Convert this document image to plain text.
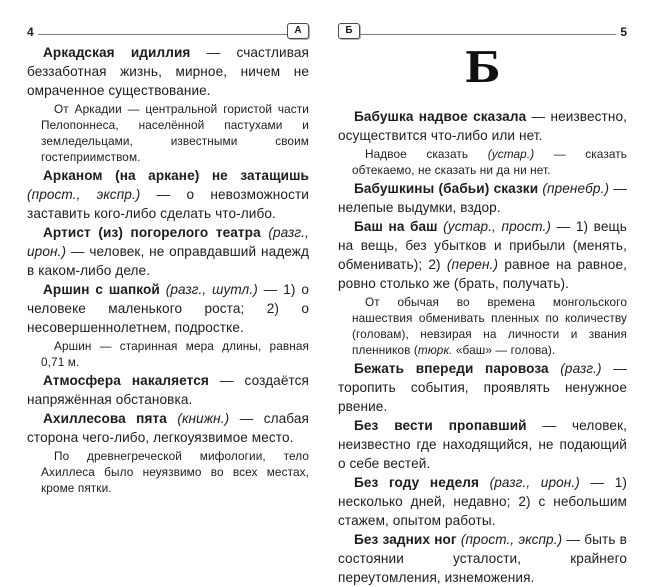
4	А

Аркадская идиллия — счастливая беззаботная жизнь, мирное, ничем не омраченное существование.

От Аркадии — центральной гористой части Пелопоннеса, населённой пастухами и земледельцами, известными своим гостеприимством.

Арканом (на аркане) не затащишь (прост., экспр.) — о невозможности заставить кого-либо сделать что-либо.

Артист (из) погорелого театра (разг., ирон.) — человек, не оправдавший надежд в каком-либо деле.

Аршин с шапкой (разг., шутл.) — 1) о человеке маленького роста; 2) о несовершеннолетнем, подростке.

Аршин — старинная мера длины, равная 0,71 м.

Атмосфера накаляется — создаётся напряжённая обстановка.

Ахиллесова пята (книжн.) — слабая сторона чего-либо, легкоуязвимое место.

По древнегреческой мифологии, тело Ахиллеса было неуязвимо во всех местах, кроме пятки.

Б	5
Б

Бабушка надвое сказала — неизвестно, осуществится что-либо или нет.

Надвое сказать (устар.) — сказать обтекаемо, не сказать ни да ни нет.

Бабушкины (бабьи) сказки (пренебр.) — нелепые выдумки, вздор.

Баш на баш (устар., прост.) — 1) вещь на вещь, без убытков и прибыли (менять, обменивать); 2) (перен.) равное на равное, ровно столько же (брать, получать).

От обычая во времена монгольского нашествия обменивать пленных по количеству (головам), невзирая на личности и звания пленников (тюрк. «баш» — голова).

Бежать впереди паровоза (разг.) — торопить события, проявлять ненужное рвение.

Без вести пропавший — человек, неизвестно где находящийся, не подающий о себе вестей.

Без году неделя (разг., ирон.) — 1) несколько дней, недавно; 2) с небольшим стажем, опытом работы.

Без задних ног (прост., экспр.) — быть в состоянии усталости, крайнего переутомления, изнеможения.
